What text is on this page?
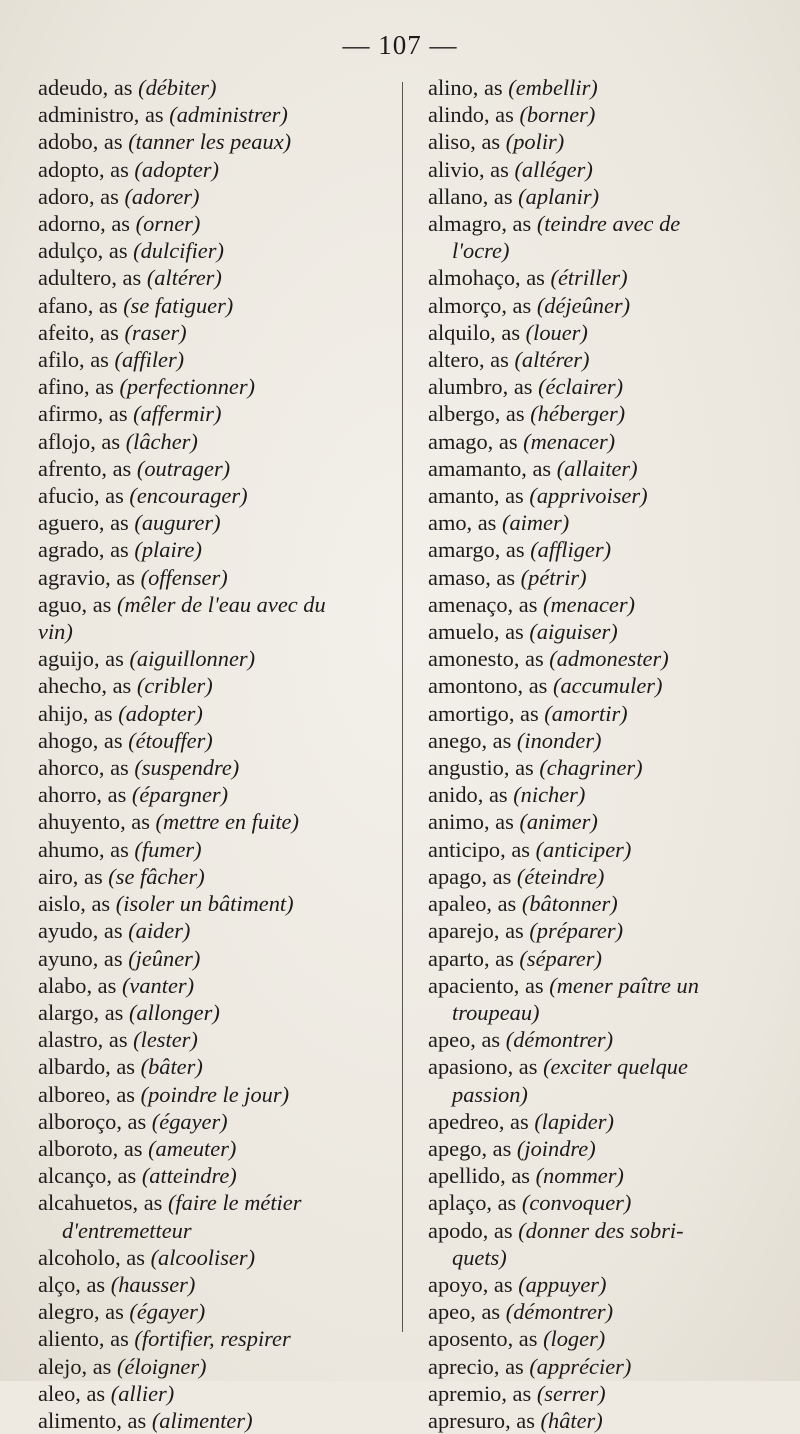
— 107 —
adeudo, as (débiter)
administro, as (administrer)
adobo, as (tanner les peaux)
adopto, as (adopter)
adoro, as (adorer)
adorno, as (orner)
adulço, as (dulcifier)
adultero, as (altérer)
afano, as (se fatiguer)
afeito, as (raser)
afilo, as (affiler)
afino, as (perfectionner)
afirmo, as (affermir)
aflojo, as (lâcher)
afrento, as (outrager)
afucio, as (encourager)
aguero, as (augurer)
agrado, as (plaire)
agravio, as (offenser)
aguo, as (mêler de l'eau avec du
vin)
aguijo, as (aiguillonner)
ahecho, as (cribler)
ahijo, as (adopter)
ahogo, as (étouffer)
ahorco, as (suspendre)
ahorro, as (épargner)
ahuyento, as (mettre en fuite)
ahumo, as (fumer)
airo, as (se fâcher)
aislo, as (isoler un bâtiment)
ayudo, as (aider)
ayuno, as (jeûner)
alabo, as (vanter)
alargo, as (allonger)
alastro, as (lester)
albardo, as (bâter)
alboreo, as (poindre le jour)
alboroço, as (égayer)
alboroto, as (ameuter)
alcanço, as (atteindre)
alcahuetos, as (faire le métier
d'entremetteur
alcoholo, as (alcooliser)
alço, as (hausser)
alegro, as (égayer)
aliento, as (fortifier, respirer
alejo, as (éloigner)
aleo, as (allier)
alimento, as (alimenter)
alino, as (embellir)
alindo, as (borner)
aliso, as (polir)
alivio, as (alléger)
allano, as (aplanir)
almagro, as (teindre avec de
l'ocre)
almohaço, as (étriller)
almorço, as (déjeûner)
alquilo, as (louer)
altero, as (altérer)
alumbro, as (éclairer)
albergo, as (héberger)
amago, as (menacer)
amamanto, as (allaiter)
amanto, as (apprivoiser)
amo, as (aimer)
amargo, as (affliger)
amaso, as (pétrir)
amenaço, as (menacer)
amuelo, as (aiguiser)
amonesto, as (admonester)
amontono, as (accumuler)
amortigo, as (amortir)
anego, as (inonder)
angustio, as (chagriner)
anido, as (nicher)
animo, as (animer)
anticipo, as (anticiper)
apago, as (éteindre)
apaleo, as (bâtonner)
aparejo, as (préparer)
aparto, as (séparer)
apaciento, as (mener paître un
troupeau)
apeo, as (démontrer)
apasiono, as (exciter quelque
passion)
apedreo, as (lapider)
apego, as (joindre)
apellido, as (nommer)
aplaço, as (convoquer)
apodo, as (donner des sobri-
quets)
apoyo, as (appuyer)
apeo, as (démontrer)
aposento, as (loger)
aprecio, as (apprécier)
apremio, as (serrer)
apresuro, as (hâter)
